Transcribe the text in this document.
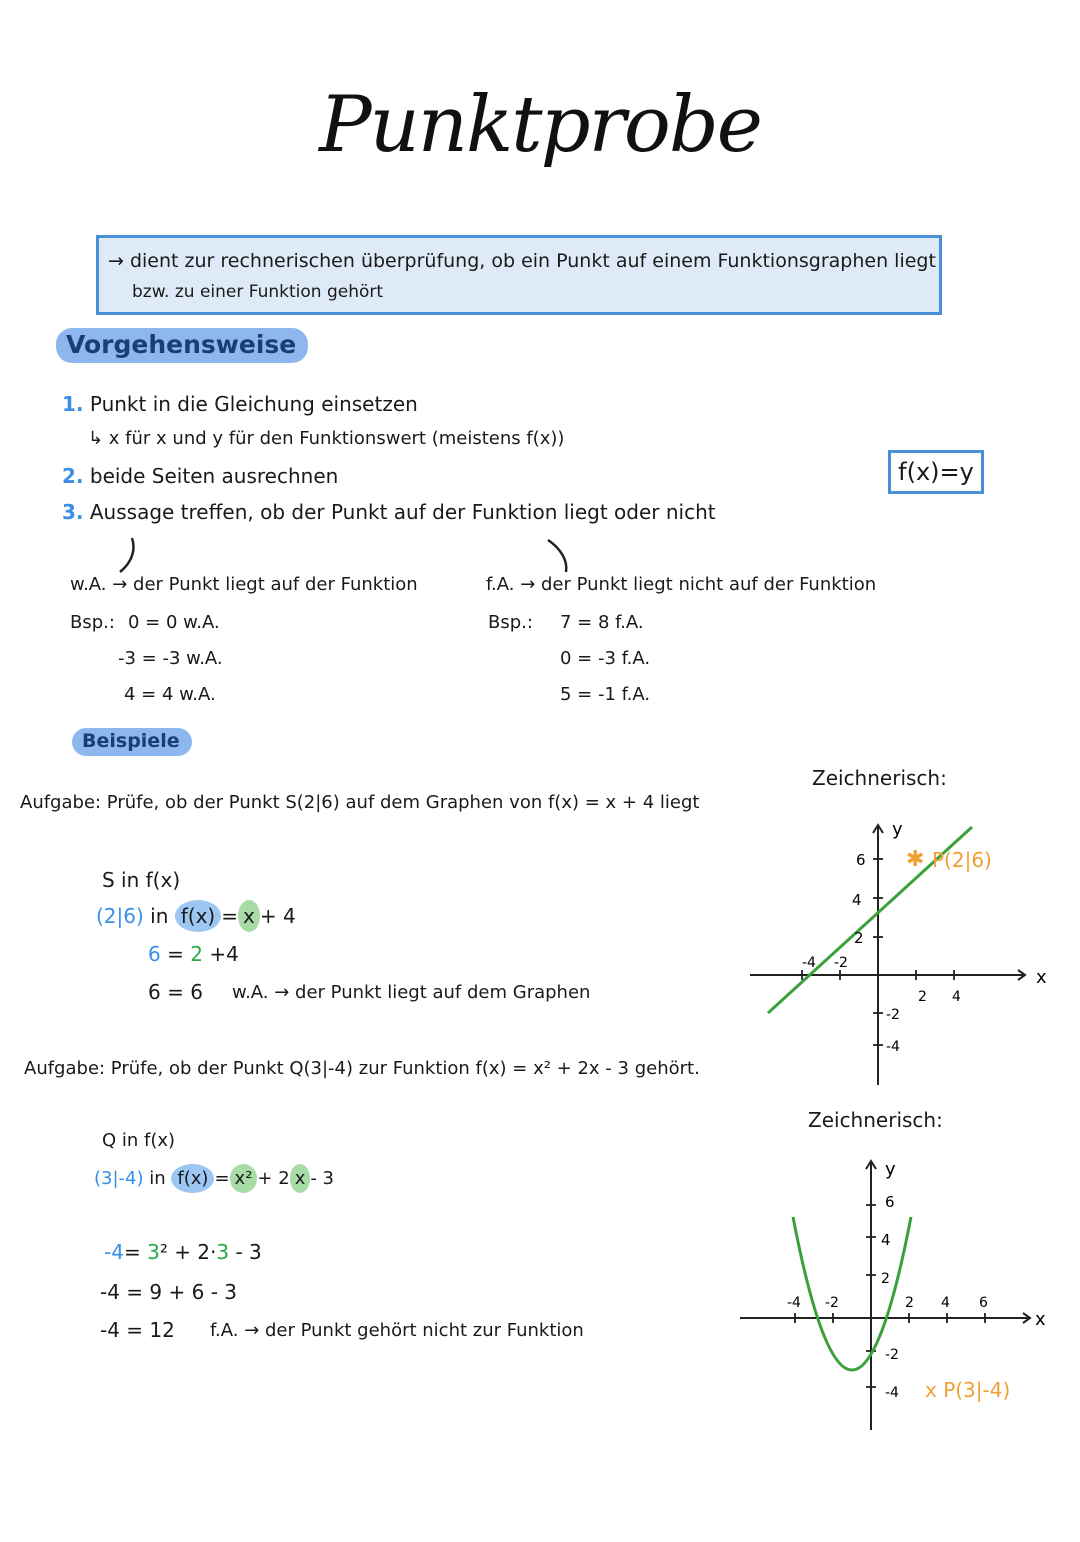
Punktprobe
→ dient zur rechnerischen überprüfung, ob ein Punkt auf einem Funktionsgraphen liegt
bzw. zu einer Funktion gehört
Vorgehensweise
1. Punkt in die Gleichung einsetzen
↳ x für x und y für den Funktionswert (meistens f(x))
2. beide Seiten ausrechnen
3. Aussage treffen, ob der Punkt auf der Funktion liegt oder nicht
f(x)=y
w.A. → der Punkt liegt auf der Funktion
Bsp.: 0 = 0 w.A.
-3 = -3 w.A.
4 = 4 w.A.
f.A. → der Punkt liegt nicht auf der Funktion
Bsp.: 7 = 8 f.A.
0 = -3 f.A.
5 = -1 f.A.
Beispiele
Aufgabe: Prüfe, ob der Punkt S(2|6) auf dem Graphen von f(x) = x + 4 liegt
Zeichnerisch:
S in f(x)
(2|6) in f(x) = x + 4
6 = 2 +4
6 = 6 w.A. → der Punkt liegt auf dem Graphen
y
x
6
4
2
-2
-4
-4 -2
2 4
✱ P(2|6)
Aufgabe: Prüfe, ob der Punkt Q(3|-4) zur Funktion f(x) = x² + 2x - 3 gehört.
Zeichnerisch:
Q in f(x)
(3|-4) in f(x) = x² + 2 x - 3
-4= 3² + 2·3 - 3
-4 = 9 + 6 - 3
-4 = 12 f.A. → der Punkt gehört nicht zur Funktion
y
x
6
4
2
-2
-4
-4 -2	2 4 6
x P(3|-4)
